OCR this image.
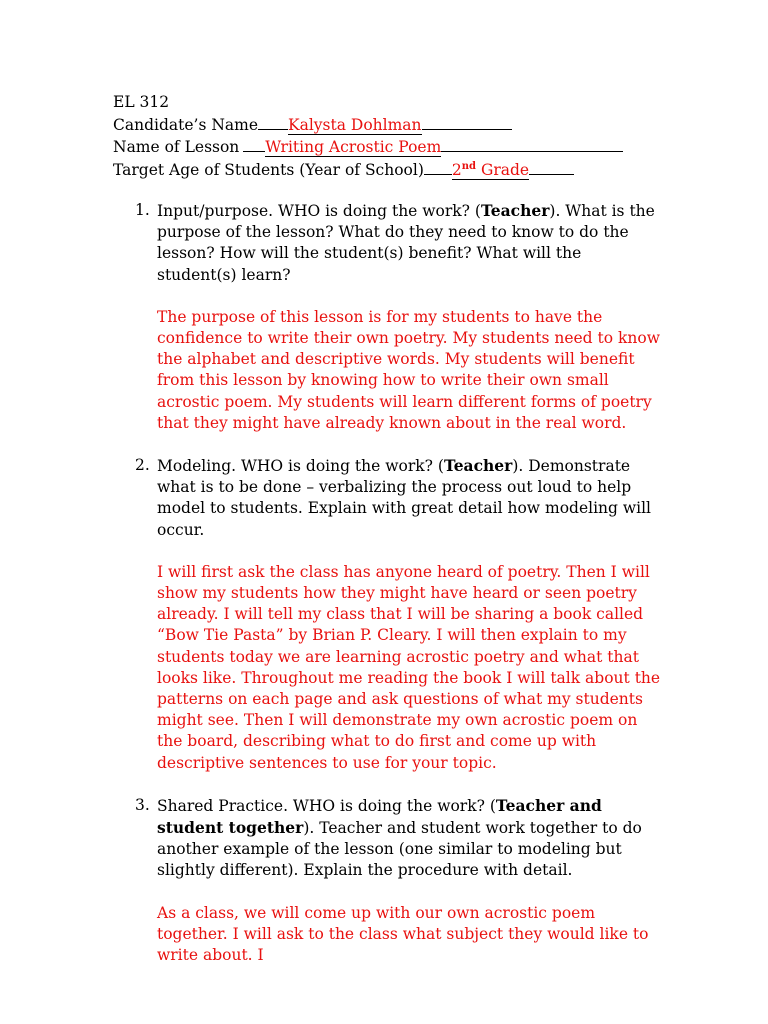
EL 312
Candidate’s Name Kalysta Dohlman
Name of Lesson Writing Acrostic Poem
Target Age of Students (Year of School) 2nd Grade
1. Input/purpose. WHO is doing the work? (Teacher). What is the purpose of the lesson? What do they need to know to do the lesson? How will the student(s) benefit? What will the student(s) learn?
The purpose of this lesson is for my students to have the confidence to write their own poetry. My students need to know the alphabet and descriptive words. My students will benefit from this lesson by knowing how to write their own small acrostic poem. My students will learn different forms of poetry that they might have already known about in the real word.
2. Modeling. WHO is doing the work? (Teacher). Demonstrate what is to be done – verbalizing the process out loud to help model to students. Explain with great detail how modeling will occur.
I will first ask the class has anyone heard of poetry. Then I will show my students how they might have heard or seen poetry already. I will tell my class that I will be sharing a book called “Bow Tie Pasta” by Brian P. Cleary. I will then explain to my students today we are learning acrostic poetry and what that looks like. Throughout me reading the book I will talk about the patterns on each page and ask questions of what my students might see. Then I will demonstrate my own acrostic poem on the board, describing what to do first and come up with descriptive sentences to use for your topic.
3. Shared Practice. WHO is doing the work? (Teacher and student together). Teacher and student work together to do another example of the lesson (one similar to modeling but slightly different). Explain the procedure with detail.
As a class, we will come up with our own acrostic poem together. I will ask to the class what subject they would like to write about. I
